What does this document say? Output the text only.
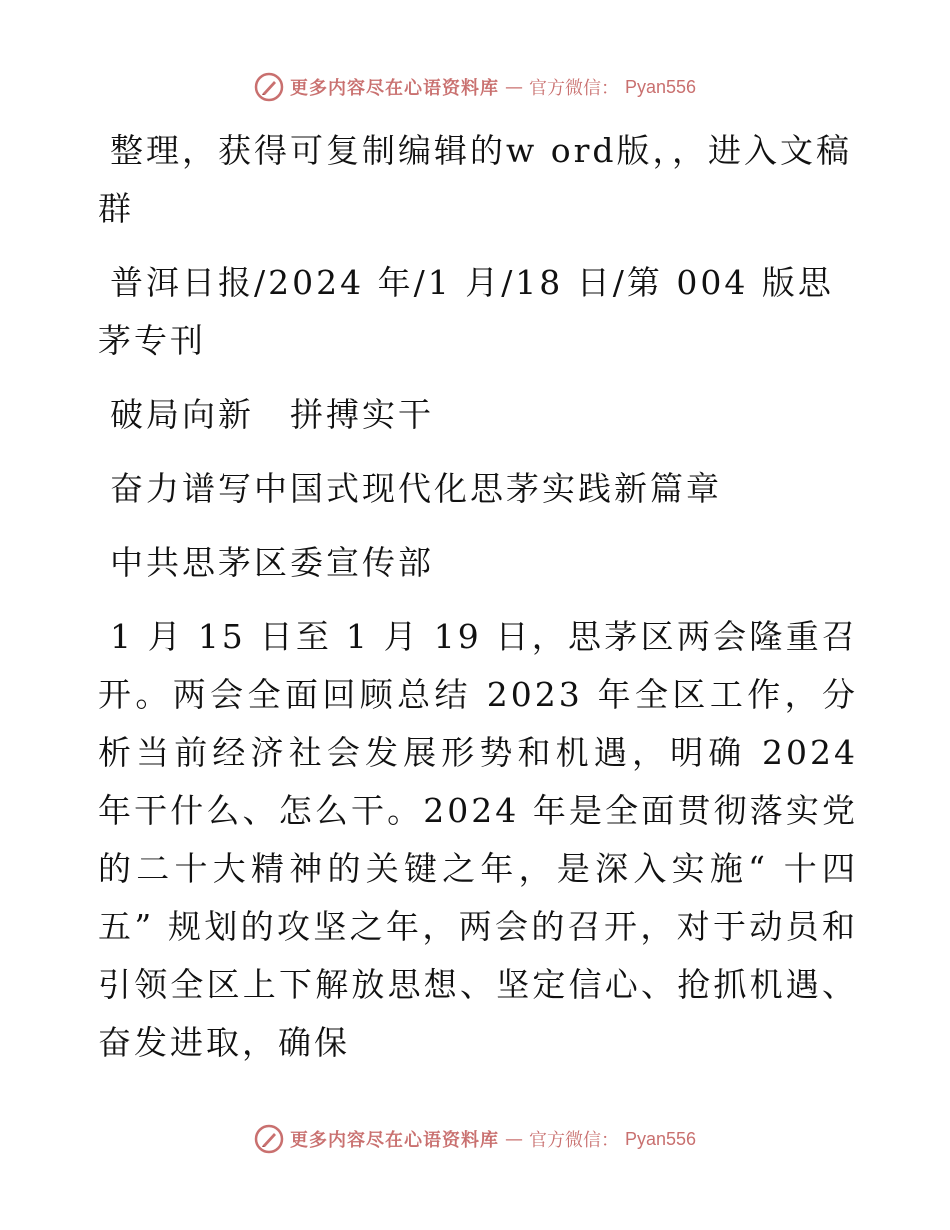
更多内容尽在心语资料库 — 官方微信： Pyan556

整理，获得可复制编辑的w ord版，，进入文稿群

普洱日报/2024 年/1 月/18 日/第 004 版思茅专刊

破局向新　拼搏实干

奋力谱写中国式现代化思茅实践新篇章

中共思茅区委宣传部

1 月 15 日至 1 月 19 日，思茅区两会隆重召开。两会全面回顾总结 2023 年全区工作，分析当前经济社会发展形势和机遇，明确 2024 年干什么、怎么干。2024 年是全面贯彻落实党的二十大精神的关键之年，是深入实施“ 十四五” 规划的攻坚之年，两会的召开，对于动员和引领全区上下解放思想、坚定信心、抢抓机遇、奋发进取，确保

更多内容尽在心语资料库 — 官方微信： Pyan556
